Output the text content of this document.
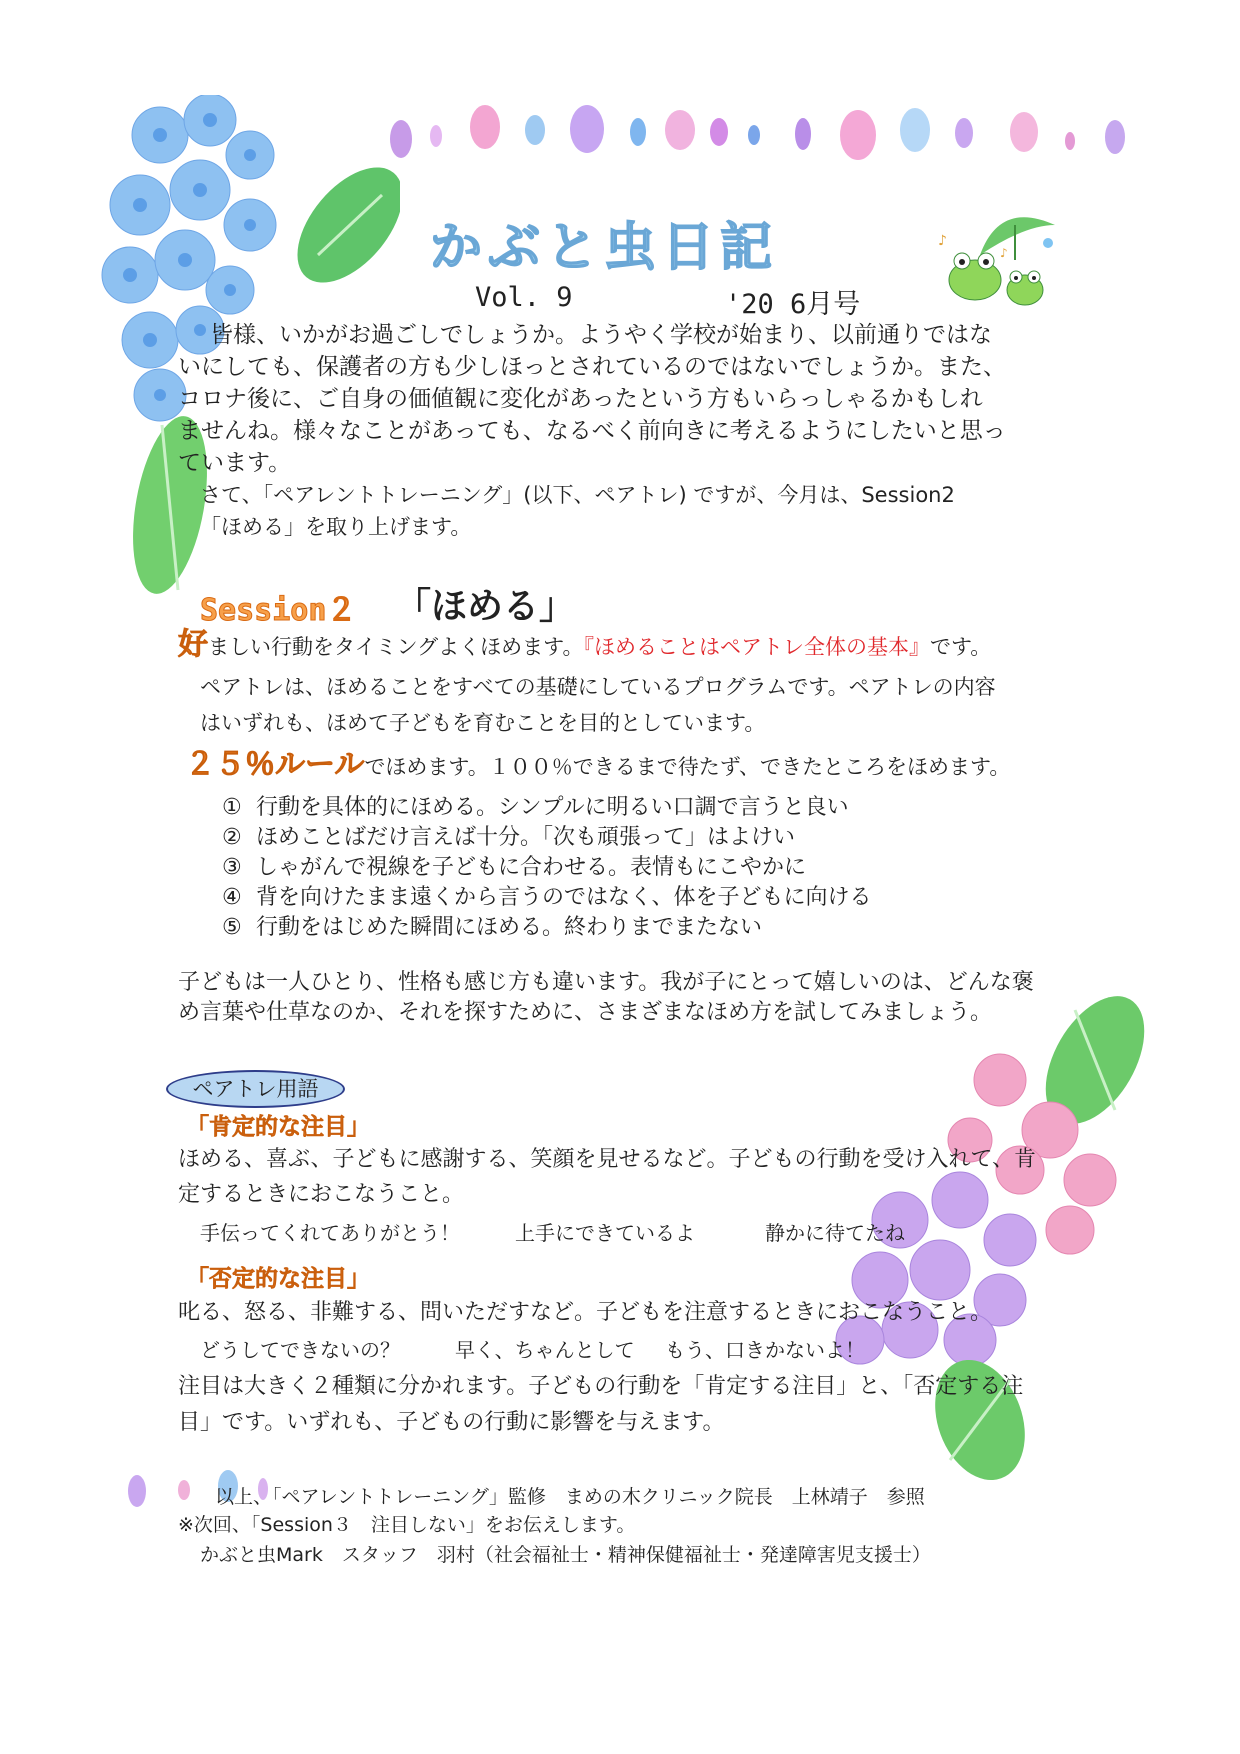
♪
♪
かぶと虫日記
Vol. 9	'20 6月号
皆様、いかがお過ごしでしょうか。ようやく学校が始まり、以前通りではな
いにしても、保護者の方も少しほっとされているのではないでしょうか。また、
コロナ後に、ご自身の価値観に変化があったという方もいらっしゃるかもしれ
ませんね。様々なことがあっても、なるべく前向きに考えるようにしたいと思っ
ています。
さて、「ペアレントトレーニング」(以下、ペアトレ) ですが、今月は、Session2
「ほめる」を取り上げます。
Session２ 「ほめる」
好ましい行動をタイミングよくほめます。『ほめることはペアトレ全体の基本』です。
ペアトレは、ほめることをすべての基礎にしているプログラムです。ペアトレの内容
はいずれも、ほめて子どもを育むことを目的としています。
２５％ルールでほめます。１００％できるまで待たず、できたところをほめます。
① 行動を具体的にほめる。シンプルに明るい口調で言うと良い
② ほめことばだけ言えば十分。「次も頑張って」はよけい
③ しゃがんで視線を子どもに合わせる。表情もにこやかに
④ 背を向けたまま遠くから言うのではなく、体を子どもに向ける
⑤ 行動をはじめた瞬間にほめる。終わりまでまたない
子どもは一人ひとり、性格も感じ方も違います。我が子にとって嬉しいのは、どんな褒
め言葉や仕草なのか、それを探すために、さまざまなほめ方を試してみましょう。
ペアトレ用語
「肯定的な注目」
ほめる、喜ぶ、子どもに感謝する、笑顔を見せるなど。子どもの行動を受け入れて、肯
定するときにおこなうこと。
手伝ってくれてありがとう！	上手にできているよ	静かに待てたね
「否定的な注目」
叱る、怒る、非難する、問いただすなど。子どもを注意するときにおこなうこと。
どうしてできないの？	早く、ちゃんとして もう、口きかないよ！
注目は大きく２種類に分かれます。子どもの行動を「肯定する注目」と、「否定する注
目」です。いずれも、子どもの行動に影響を与えます。
以上、「ペアレントトレーニング」監修　まめの木クリニック院長　上林靖子　参照
※次回、「Session３　注目しない」をお伝えします。
かぶと虫Mark　スタッフ　羽村（社会福祉士・精神保健福祉士・発達障害児支援士）
